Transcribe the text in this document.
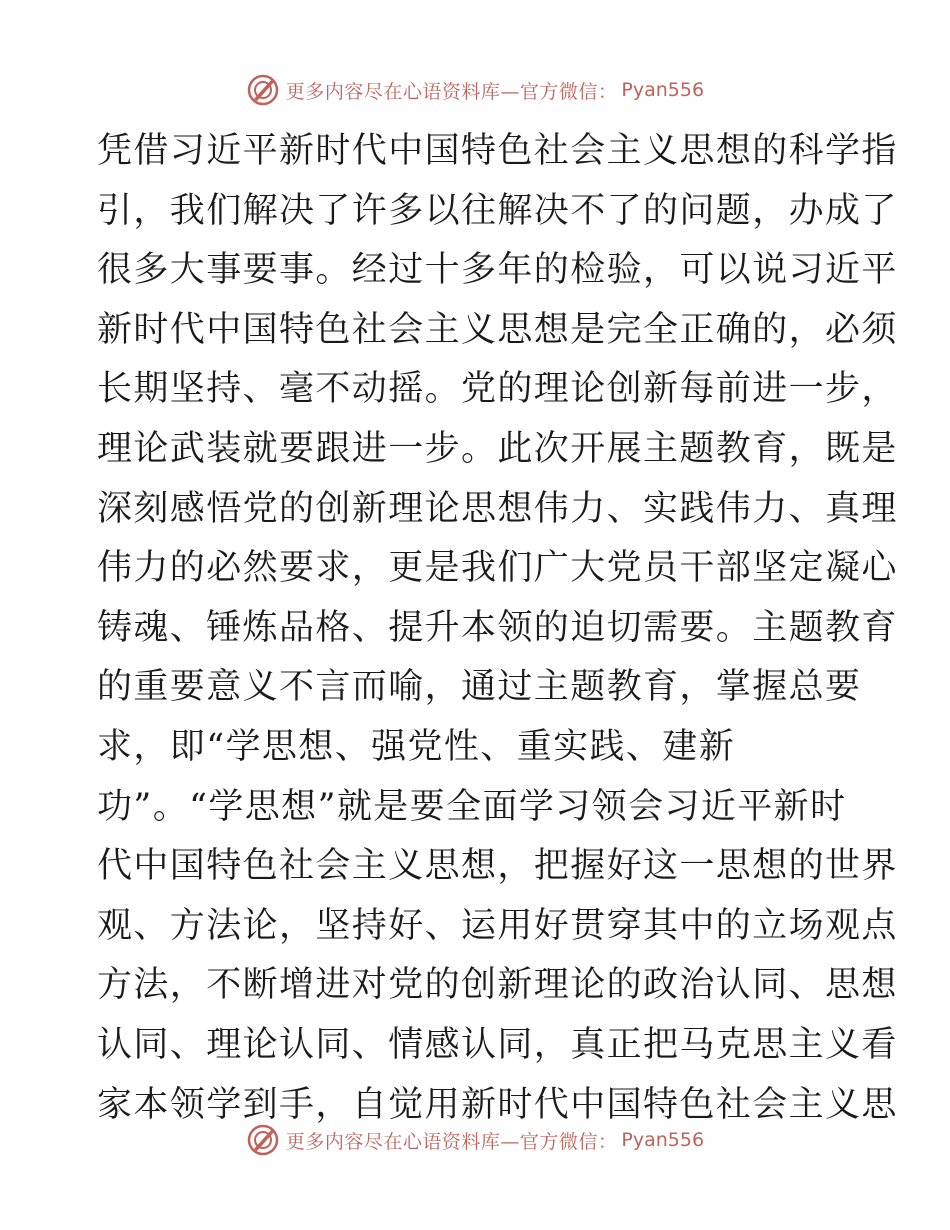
更多内容尽在心语资料库—官方微信： Pyan556
凭借习近平新时代中国特色社会主义思想的科学指
引，我们解决了许多以往解决不了的问题，办成了
很多大事要事。经过十多年的检验，可以说习近平
新时代中国特色社会主义思想是完全正确的，必须
长期坚持、毫不动摇。党的理论创新每前进一步，
理论武装就要跟进一步。此次开展主题教育，既是
深刻感悟党的创新理论思想伟力、实践伟力、真理
伟力的必然要求，更是我们广大党员干部坚定凝心
铸魂、锤炼品格、提升本领的迫切需要。主题教育
的重要意义不言而喻，通过主题教育，掌握总要
求，即“学思想、强党性、重实践、建新
功”。“学思想”就是要全面学习领会习近平新时
代中国特色社会主义思想，把握好这一思想的世界
观、方法论，坚持好、运用好贯穿其中的立场观点
方法，不断增进对党的创新理论的政治认同、思想
认同、理论认同、情感认同，真正把马克思主义看
家本领学到手，自觉用新时代中国特色社会主义思
更多内容尽在心语资料库—官方微信： Pyan556
